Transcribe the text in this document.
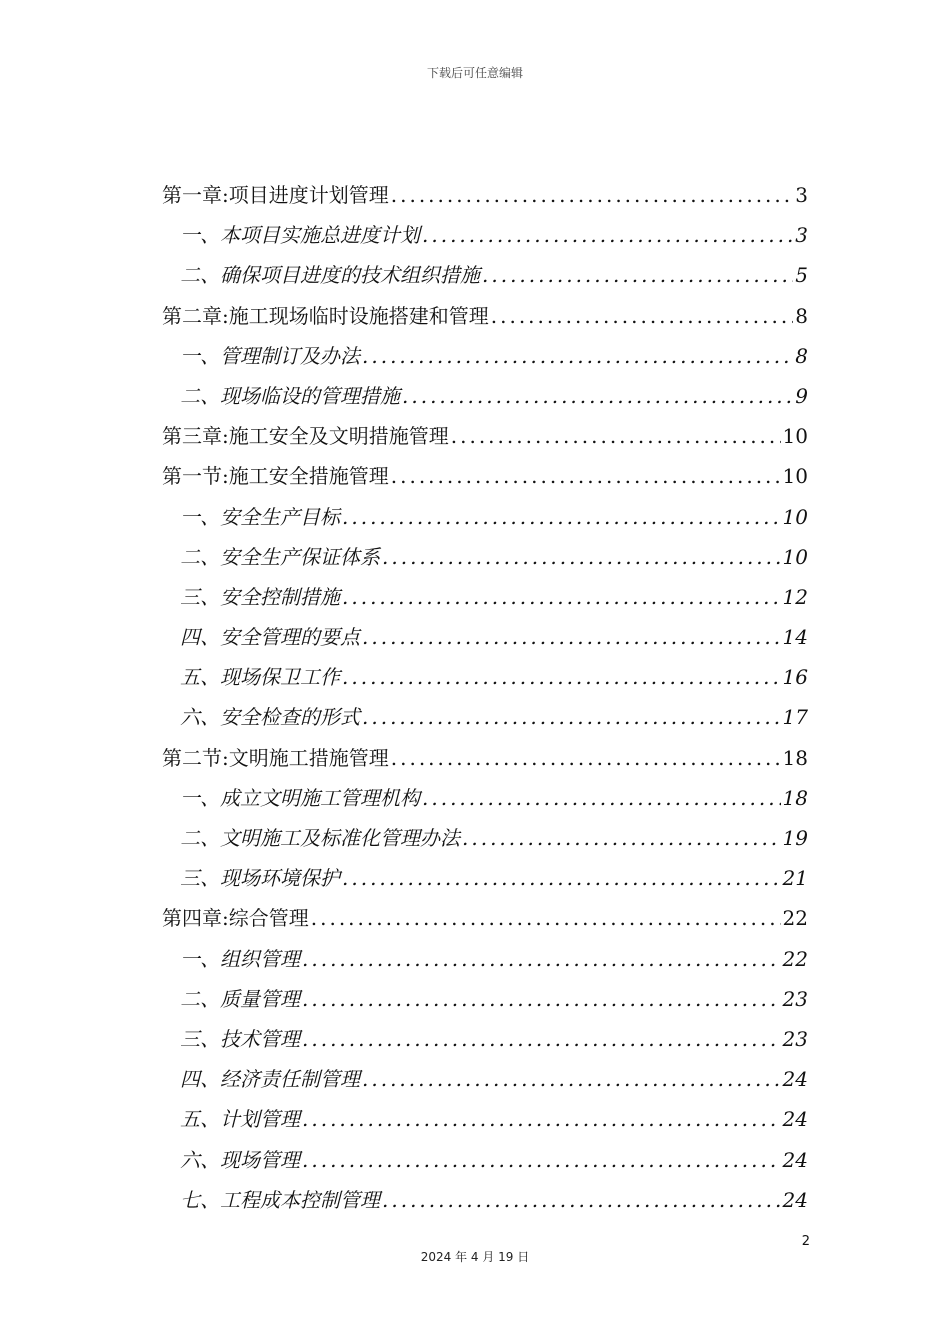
下载后可任意编辑
第一章:项目进度计划管理 .....	3
一、本项目实施总进度计划 .....	3
二、确保项目进度的技术组织措施 .....	5
第二章:施工现场临时设施搭建和管理 .....	8
一、管理制订及办法 .....	8
二、现场临设的管理措施 .....	9
第三章:施工安全及文明措施管理 .....	10
第一节:施工安全措施管理 .....	10
一、安全生产目标 .....	10
二、安全生产保证体系 .....	10
三、安全控制措施 .....	12
四、安全管理的要点 .....	14
五、现场保卫工作 .....	16
六、安全检查的形式 .....	17
第二节:文明施工措施管理 .....	18
一、成立文明施工管理机构 .....	18
二、文明施工及标准化管理办法 .....	19
三、现场环境保护 .....	21
第四章:综合管理 .....	22
一、组织管理 .....	22
二、质量管理 .....	23
三、技术管理 .....	23
四、经济责任制管理 .....	24
五、计划管理 .....	24
六、现场管理 .....	24
七、工程成本控制管理 .....	24
2
2024 年 4 月 19 日
